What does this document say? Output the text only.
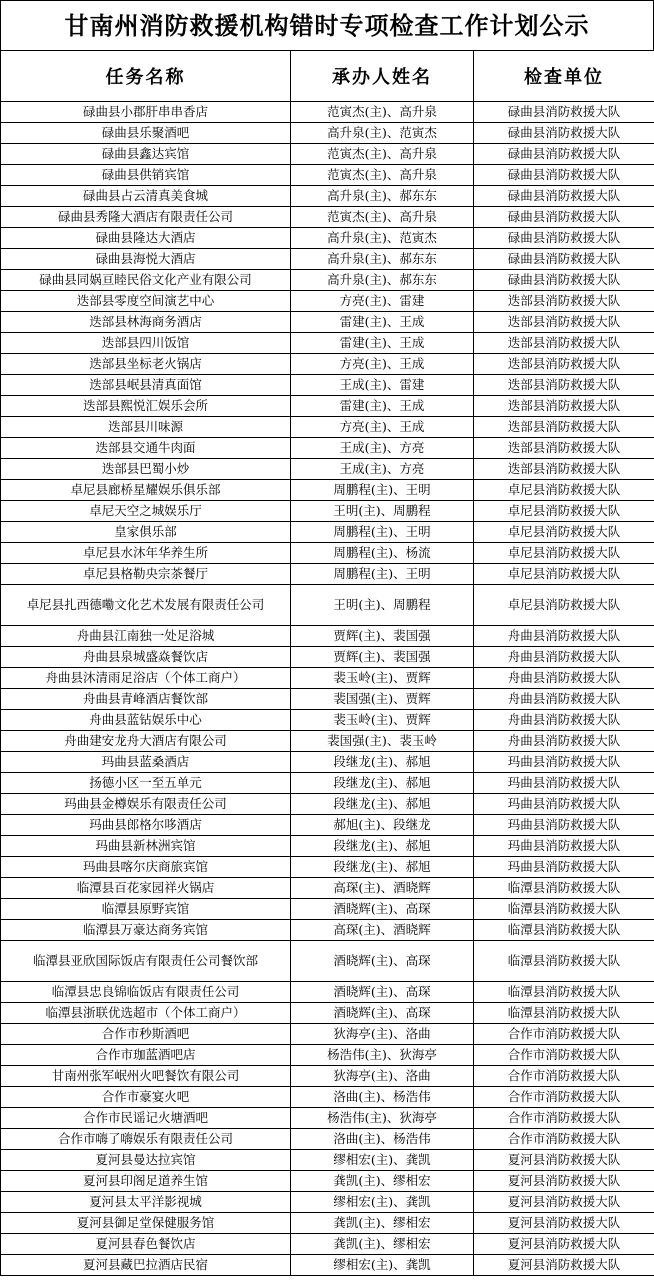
甘南州消防救援机构错时专项检查工作计划公示
任务名称	承办人姓名	检查单位
碌曲县小郡肝串串香店	范寅杰(主)、高升泉	碌曲县消防救援大队
碌曲县乐聚酒吧	高升泉(主)、范寅杰	碌曲县消防救援大队
碌曲县鑫达宾馆	范寅杰(主)、高升泉	碌曲县消防救援大队
碌曲县供销宾馆	范寅杰(主)、高升泉	碌曲县消防救援大队
碌曲县占云清真美食城	高升泉(主)、郝东东	碌曲县消防救援大队
碌曲县秀隆大酒店有限责任公司	范寅杰(主)、高升泉	碌曲县消防救援大队
碌曲县隆达大酒店	高升泉(主)、范寅杰	碌曲县消防救援大队
碌曲县海悦大酒店	高升泉(主)、郝东东	碌曲县消防救援大队
碌曲县同娲亘睦民俗文化产业有限公司	高升泉(主)、郝东东	碌曲县消防救援大队
迭部县零度空间演艺中心	方亮(主)、雷建	迭部县消防救援大队
迭部县林海商务酒店	雷建(主)、王成	迭部县消防救援大队
迭部县四川饭馆	雷建(主)、王成	迭部县消防救援大队
迭部县坐标老火锅店	方亮(主)、王成	迭部县消防救援大队
迭部县岷县清真面馆	王成(主)、雷建	迭部县消防救援大队
迭部县熙悦汇娱乐会所	雷建(主)、王成	迭部县消防救援大队
迭部县川味源	方亮(主)、王成	迭部县消防救援大队
迭部县交通牛肉面	王成(主)、方亮	迭部县消防救援大队
迭部县巴蜀小炒	王成(主)、方亮	迭部县消防救援大队
卓尼县廊桥星耀娱乐俱乐部	周鹏程(主)、王明	卓尼县消防救援大队
卓尼天空之城娱乐厅	王明(主)、周鹏程	卓尼县消防救援大队
皇家俱乐部	周鹏程(主)、王明	卓尼县消防救援大队
卓尼县水沐年华养生所	周鹏程(主)、杨流	卓尼县消防救援大队
卓尼县格勒央宗茶餐厅	周鹏程(主)、王明	卓尼县消防救援大队
卓尼县扎西德嘞文化艺术发展有限责任公司	王明(主)、周鹏程	卓尼县消防救援大队
舟曲县江南独一处足浴城	贾辉(主)、裴国强	舟曲县消防救援大队
舟曲县泉城盛焱餐饮店	贾辉(主)、裴国强	舟曲县消防救援大队
舟曲县沐清雨足浴店（个体工商户）	裴玉岭(主)、贾辉	舟曲县消防救援大队
舟曲县青峰酒店餐饮部	裴国强(主)、贾辉	舟曲县消防救援大队
舟曲县蓝钻娱乐中心	裴玉岭(主)、贾辉	舟曲县消防救援大队
舟曲建安龙舟大酒店有限公司	裴国强(主)、裴玉岭	舟曲县消防救援大队
玛曲县蓝桑酒店	段继龙(主)、郝旭	玛曲县消防救援大队
扬德小区一至五单元	段继龙(主)、郝旭	玛曲县消防救援大队
玛曲县金樽娱乐有限责任公司	段继龙(主)、郝旭	玛曲县消防救援大队
玛曲县郎格尔哆酒店	郝旭(主)、段继龙	玛曲县消防救援大队
玛曲县新林洲宾馆	段继龙(主)、郝旭	玛曲县消防救援大队
玛曲县喀尔庆商旅宾馆	段继龙(主)、郝旭	玛曲县消防救援大队
临潭县百花家园祥火锅店	高琛(主)、酒晓辉	临潭县消防救援大队
临潭县原野宾馆	酒晓辉(主)、高琛	临潭县消防救援大队
临潭县万豪达商务宾馆	高琛(主)、酒晓辉	临潭县消防救援大队
临潭县亚欣国际饭店有限责任公司餐饮部	酒晓辉(主)、高琛	临潭县消防救援大队
临潭县忠良锦临饭店有限责任公司	酒晓辉(主)、高琛	临潭县消防救援大队
临潭县浙联优选超市（个体工商户）	酒晓辉(主)、高琛	临潭县消防救援大队
合作市秒斯酒吧	狄海亭(主)、洛曲	合作市消防救援大队
合作市珈蓝酒吧店	杨浩伟(主)、狄海亭	合作市消防救援大队
甘南州张军岷州火吧餐饮有限公司	狄海亭(主)、洛曲	合作市消防救援大队
合作市豪宴火吧	洛曲(主)、杨浩伟	合作市消防救援大队
合作市民谣记火塘酒吧	杨浩伟(主)、狄海亭	合作市消防救援大队
合作市嗨了嗨娱乐有限责任公司	洛曲(主)、杨浩伟	合作市消防救援大队
夏河县曼达拉宾馆	缪相宏(主)、龚凯	夏河县消防救援大队
夏河县印阁足道养生馆	龚凯(主)、缪相宏	夏河县消防救援大队
夏河县太平洋影视城	缪相宏(主)、龚凯	夏河县消防救援大队
夏河县御足堂保健服务馆	龚凯(主)、缪相宏	夏河县消防救援大队
夏河县春色餐饮店	龚凯(主)、缪相宏	夏河县消防救援大队
夏河县藏巴拉酒店民宿	缪相宏(主)、龚凯	夏河县消防救援大队
